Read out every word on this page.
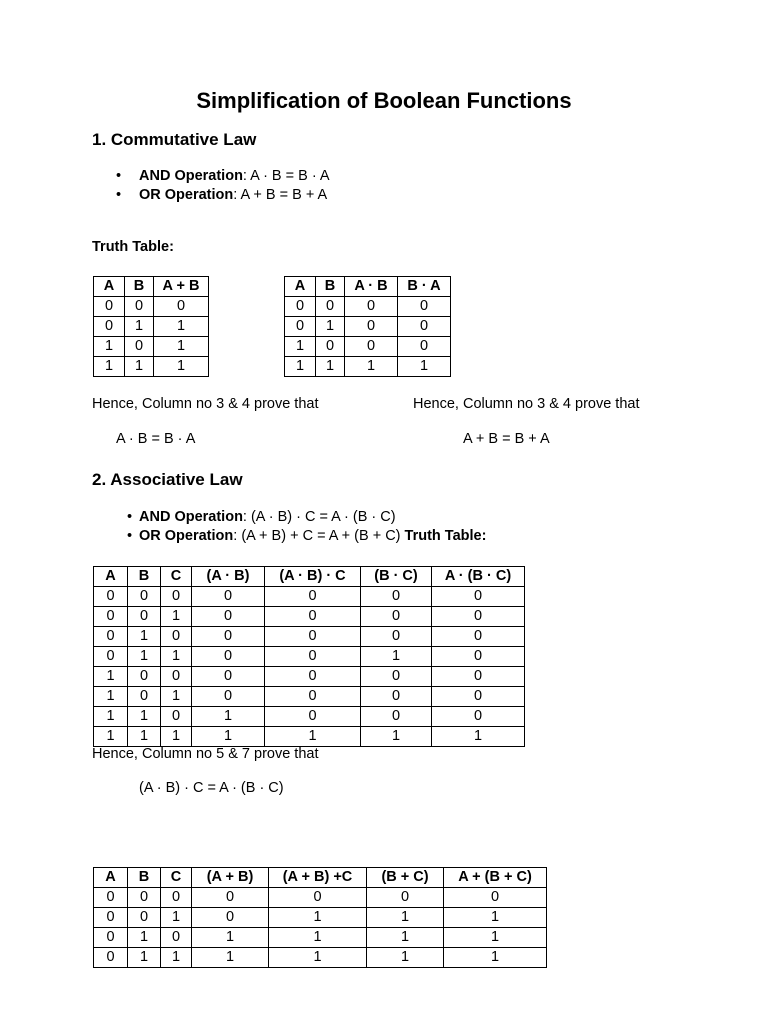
Simplification of Boolean Functions
1. Commutative Law
• AND Operation: A · B = B · A
• OR Operation: A + B = B + A
Truth Table:
A	B	A + B
0	0	0
0	1	1
1	0	1
1	1	1
A	B	A · B	B · A
0	0	0	0
0	1	0	0
1	0	0	0
1	1	1	1
Hence, Column no 3 & 4 prove that	Hence, Column no 3 & 4 prove that
A · B = B · A	A + B = B + A
2. Associative Law
• AND Operation: (A · B) · C = A · (B · C)
• OR Operation: (A + B) + C = A + (B + C) Truth Table:
A	B	C	(A · B)	(A · B) · C	(B · C)	A · (B · C)
0	0	0	0	0	0	0
0	0	1	0	0	0	0
0	1	0	0	0	0	0
0	1	1	0	0	1	0
1	0	0	0	0	0	0
1	0	1	0	0	0	0
1	1	0	1	0	0	0
1	1	1	1	1	1	1
Hence, Column no 5 & 7 prove that
(A · B) · C = A · (B · C)
A	B	C	(A + B)	(A + B) +C	(B + C)	A + (B + C)
0	0	0	0	0	0	0
0	0	1	0	1	1	1
0	1	0	1	1	1	1
0	1	1	1	1	1	1
